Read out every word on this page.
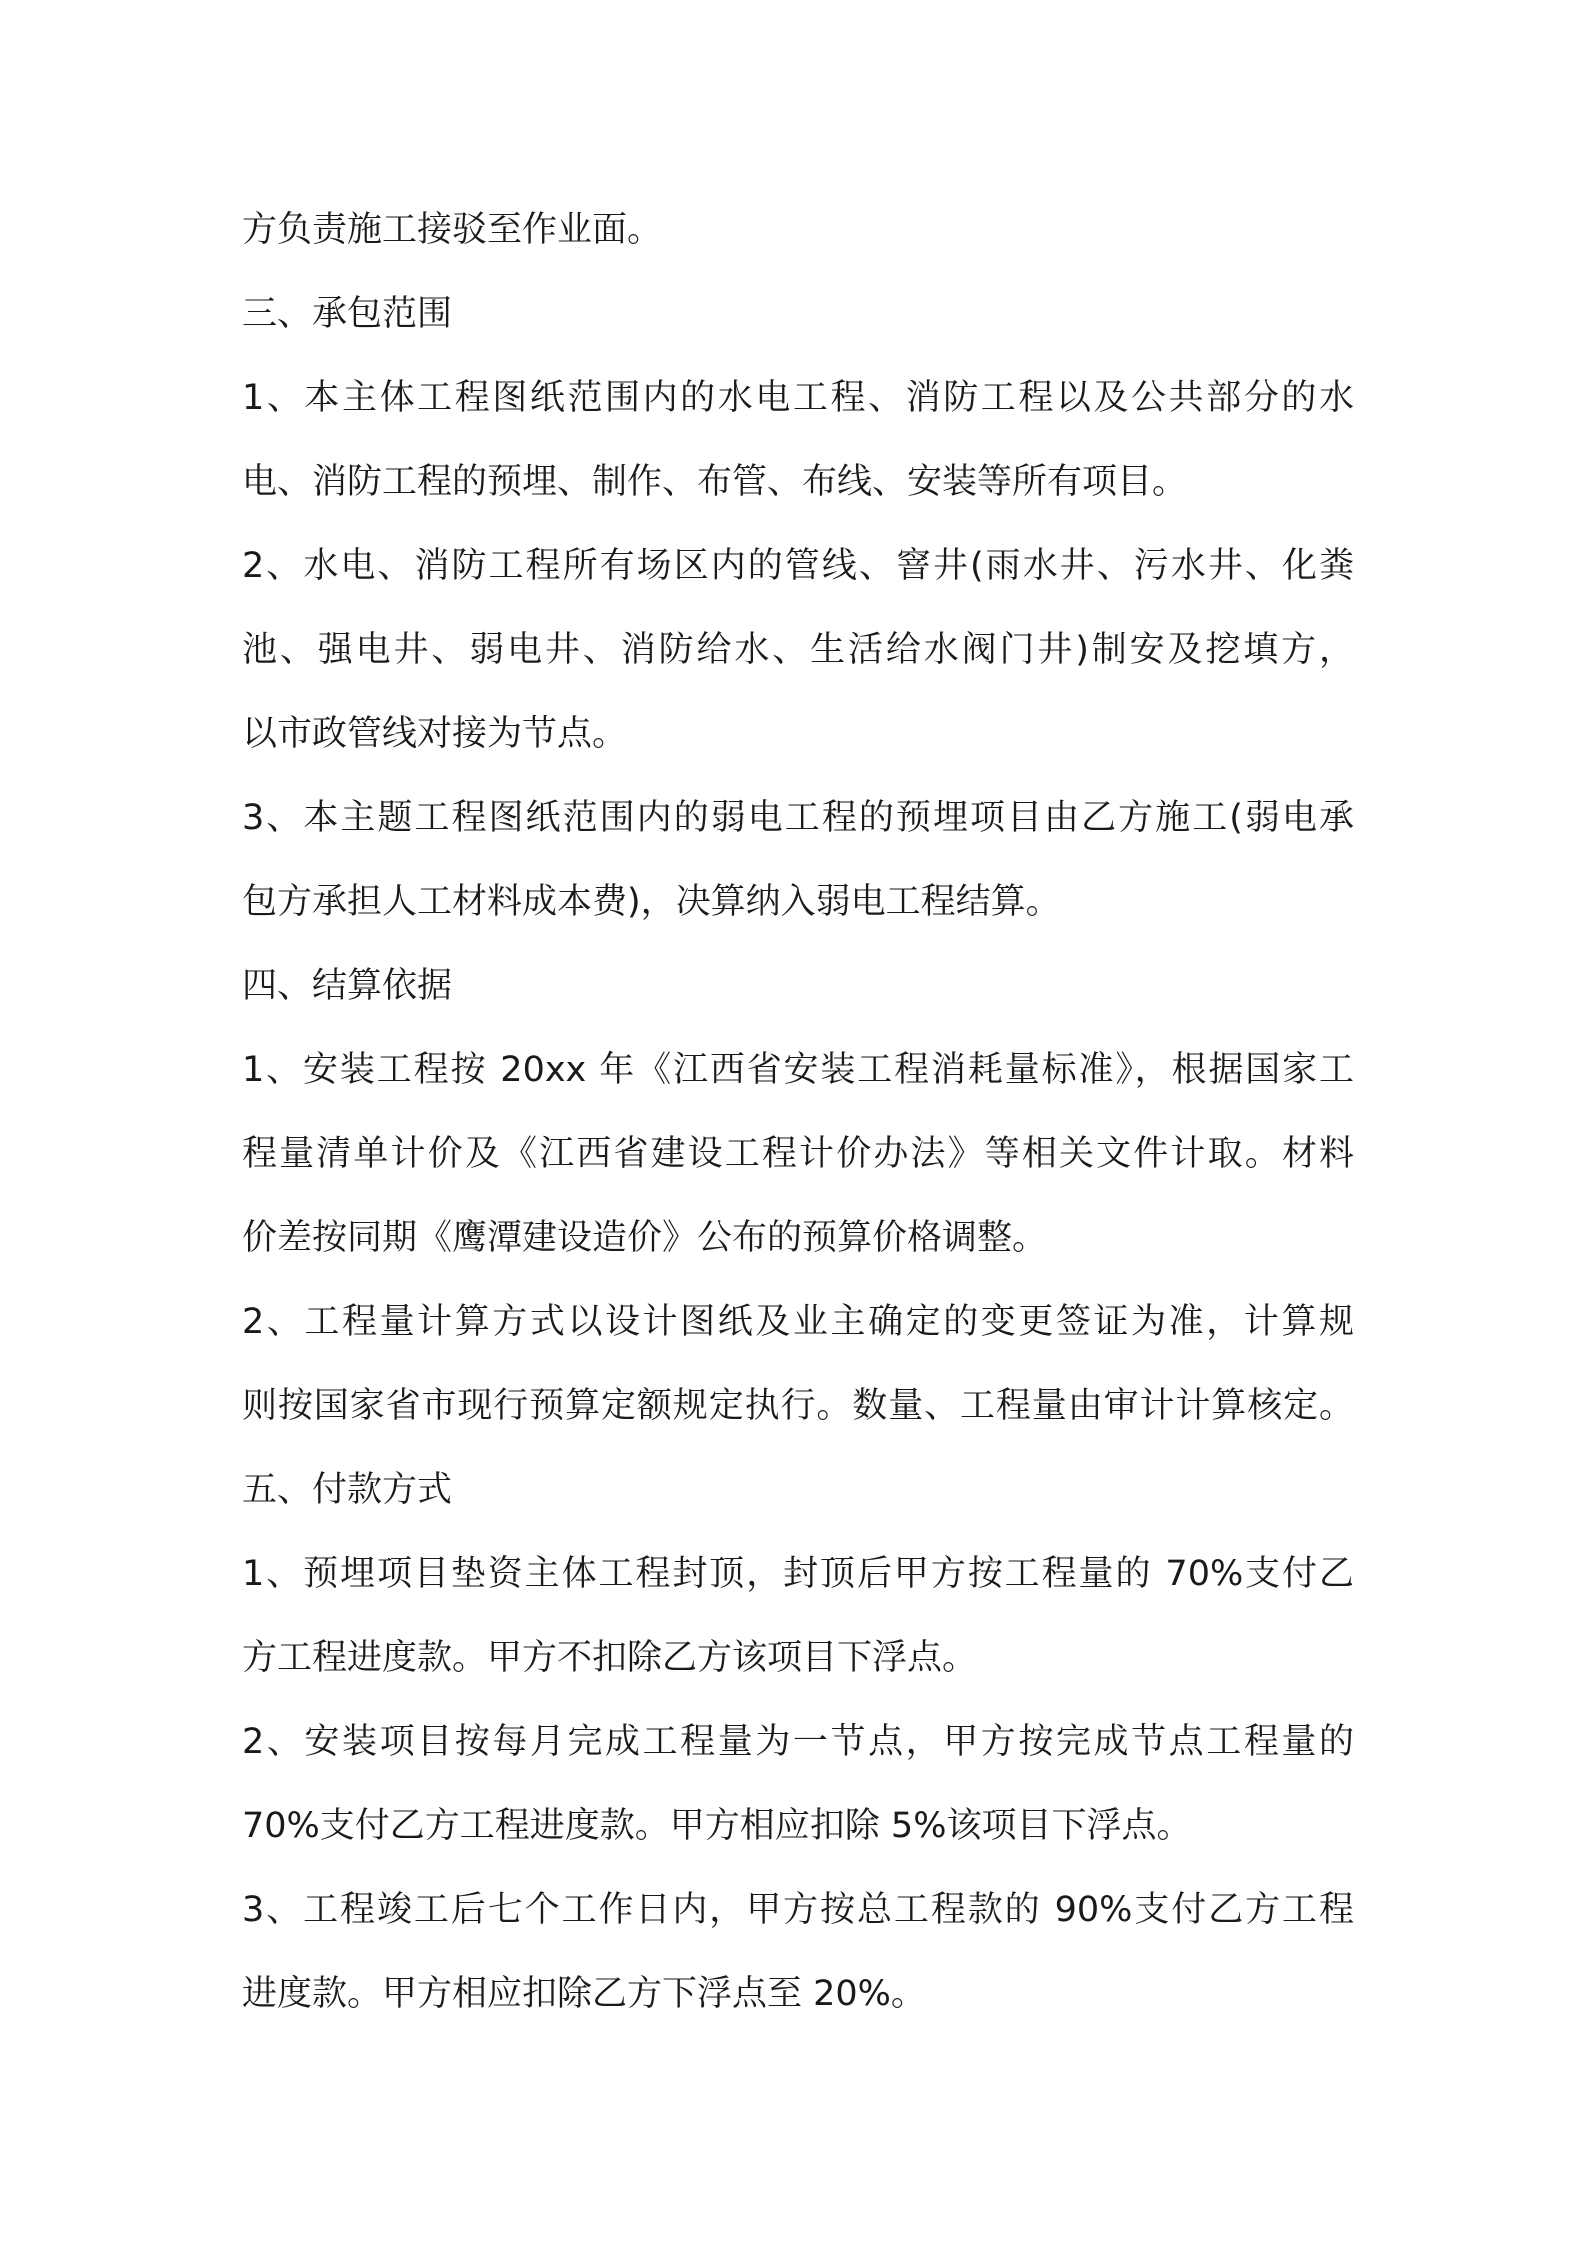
方负责施工接驳至作业面。
三、承包范围
1、本主体工程图纸范围内的水电工程、消防工程以及公共部分的水
电、消防工程的预埋、制作、布管、布线、安装等所有项目。
2、水电、消防工程所有场区内的管线、窨井(雨水井、污水井、化粪
池、强电井、弱电井、消防给水、生活给水阀门井)制安及挖填方，
以市政管线对接为节点。
3、本主题工程图纸范围内的弱电工程的预埋项目由乙方施工(弱电承
包方承担人工材料成本费)，决算纳入弱电工程结算。
四、结算依据
1、安装工程按 20xx 年《江西省安装工程消耗量标准》，根据国家工
程量清单计价及《江西省建设工程计价办法》等相关文件计取。材料
价差按同期《鹰潭建设造价》公布的预算价格调整。
2、工程量计算方式以设计图纸及业主确定的变更签证为准，计算规
则按国家省市现行预算定额规定执行。数量、工程量由审计计算核定。
五、付款方式
1、预埋项目垫资主体工程封顶，封顶后甲方按工程量的 70%支付乙
方工程进度款。甲方不扣除乙方该项目下浮点。
2、安装项目按每月完成工程量为一节点，甲方按完成节点工程量的
70%支付乙方工程进度款。甲方相应扣除 5%该项目下浮点。
3、工程竣工后七个工作日内，甲方按总工程款的 90%支付乙方工程
进度款。甲方相应扣除乙方下浮点至 20%。
